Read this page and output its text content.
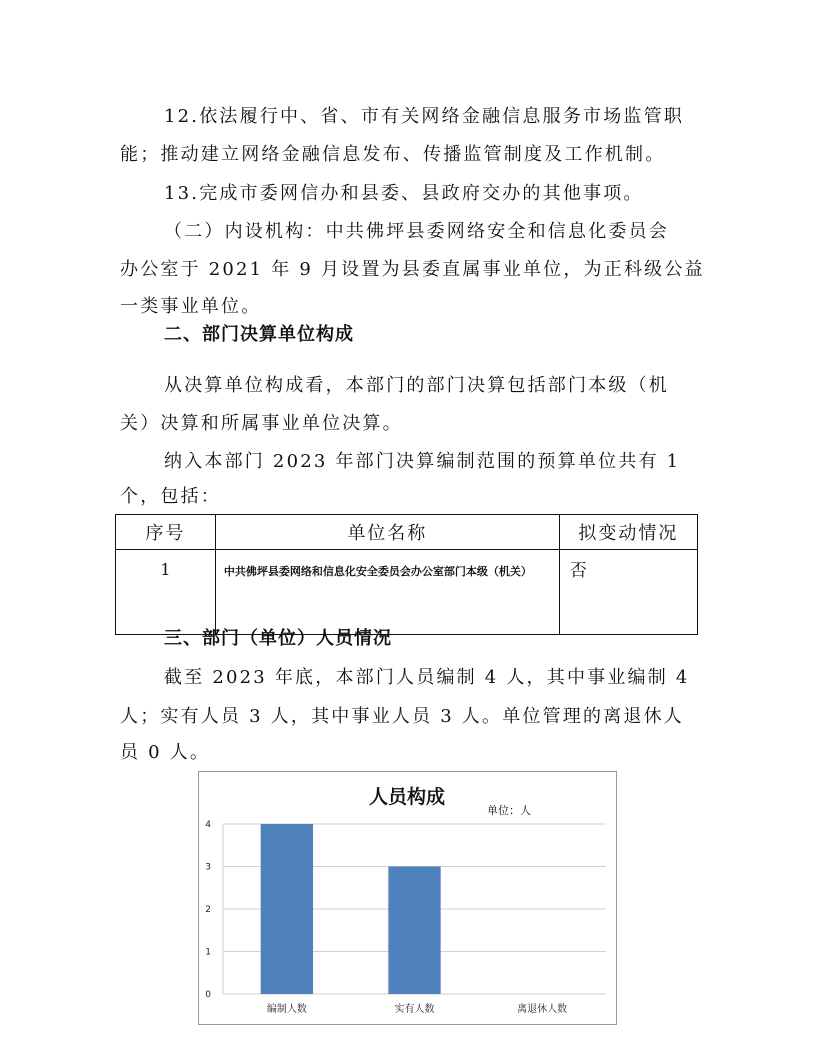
12.依法履行中、省、市有关网络金融信息服务市场监管职

能；推动建立网络金融信息发布、传播监管制度及工作机制。

13.完成市委网信办和县委、县政府交办的其他事项。

（二）内设机构：中共佛坪县委网络安全和信息化委员会

办公室于 2021 年 9 月设置为县委直属事业单位，为正科级公益

一类事业单位。

二、部门决算单位构成

从决算单位构成看，本部门的部门决算包括部门本级（机

关）决算和所属事业单位决算。

纳入本部门 2023 年部门决算编制范围的预算单位共有 1

个，包括：

序号	单位名称	拟变动情况
1	中共佛坪县委网络和信息化安全委员会办公室部门本级（机关）	否

三、部门（单位）人员情况

截至 2023 年底，本部门人员编制 4 人，其中事业编制 4

人；实有人员 3 人，其中事业人员 3 人。单位管理的离退休人

员 0 人。

人员构成
单位：人
0
1
2
3
4
编制人数	实有人数	离退休人数
